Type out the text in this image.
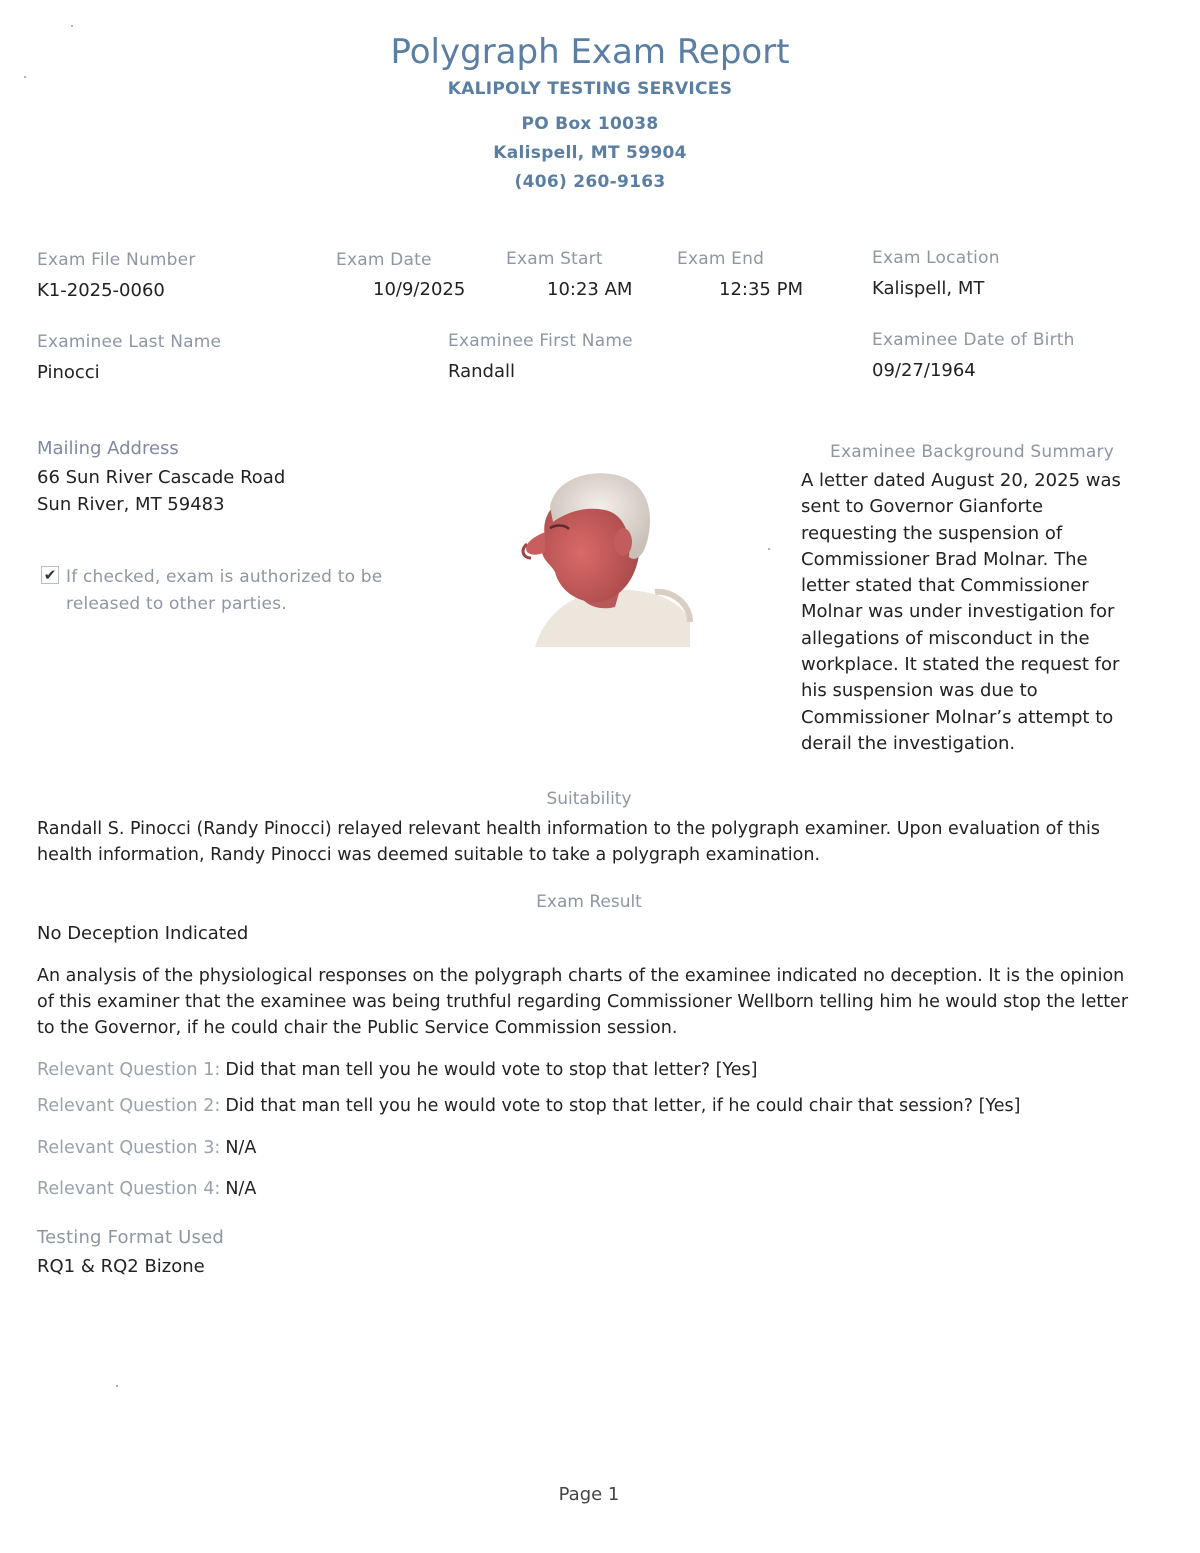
Polygraph Exam Report
KALIPOLY TESTING SERVICES
PO Box 10038
Kalispell, MT 59904
(406) 260-9163
Exam File Number
K1-2025-0060
Exam Date
10/9/2025
Exam Start
10:23 AM
Exam End
12:35 PM
Exam Location
Kalispell, MT
Examinee Last Name
Pinocci
Examinee First Name
Randall
Examinee Date of Birth
09/27/1964
Mailing Address
66 Sun River Cascade Road
Sun River, MT 59483
✔ If checked, exam is authorized to be
released to other parties.
Examinee Background Summary
A letter dated August 20, 2025 was
sent to Governor Gianforte
requesting the suspension of
Commissioner Brad Molnar. The
letter stated that Commissioner
Molnar was under investigation for
allegations of misconduct in the
workplace. It stated the request for
his suspension was due to
Commissioner Molnar’s attempt to
derail the investigation.
Suitability
Randall S. Pinocci (Randy Pinocci) relayed relevant health information to the polygraph examiner. Upon evaluation of this
health information, Randy Pinocci was deemed suitable to take a polygraph examination.
Exam Result
No Deception Indicated
An analysis of the physiological responses on the polygraph charts of the examinee indicated no deception. It is the opinion
of this examiner that the examinee was being truthful regarding Commissioner Wellborn telling him he would stop the letter
to the Governor, if he could chair the Public Service Commission session.
Relevant Question 1: Did that man tell you he would vote to stop that letter? [Yes]
Relevant Question 2: Did that man tell you he would vote to stop that letter, if he could chair that session? [Yes]
Relevant Question 3: N/A
Relevant Question 4: N/A
Testing Format Used
RQ1 & RQ2 Bizone
Page 1
